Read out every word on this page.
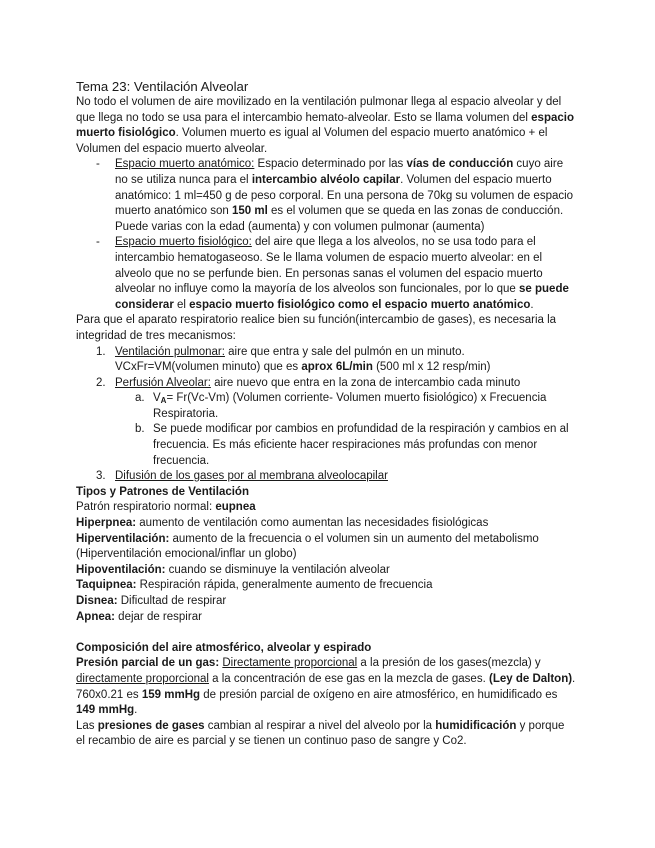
Tema 23: Ventilación Alveolar

No todo el volumen de aire movilizado en la ventilación pulmonar llega al espacio alveolar y del que llega no todo se usa para el intercambio hemato-alveolar. Esto se llama volumen del espacio muerto fisiológico. Volumen muerto es igual al Volumen del espacio muerto anatómico + el Volumen del espacio muerto alveolar.

- Espacio muerto anatómico: Espacio determinado por las vías de conducción cuyo aire no se utiliza nunca para el intercambio alvéolo capilar. Volumen del espacio muerto anatómico: 1 ml=450 g de peso corporal. En una persona de 70kg su volumen de espacio muerto anatómico son 150 ml es el volumen que se queda en las zonas de conducción. Puede varias con la edad (aumenta) y con volumen pulmonar (aumenta)
- Espacio muerto fisiológico: del aire que llega a los alveolos, no se usa todo para el intercambio hematogaseoso. Se le llama volumen de espacio muerto alveolar: en el alveolo que no se perfunde bien. En personas sanas el volumen del espacio muerto alveolar no influye como la mayoría de los alveolos son funcionales, por lo que se puede considerar el espacio muerto fisiológico como el espacio muerto anatómico.

Para que el aparato respiratorio realice bien su función(intercambio de gases), es necesaria la integridad de tres mecanismos:

1. Ventilación pulmonar: aire que entra y sale del pulmón en un minuto.
VCxFr=VM(volumen minuto) que es aprox 6L/min (500 ml x 12 resp/min)
2. Perfusión Alveolar: aire nuevo que entra en la zona de intercambio cada minuto
a. $V_A= Fr(Vc-Vm)$ (Volumen corriente- Volumen muerto fisiológico) x Frecuencia Respiratoria.
b. Se puede modificar por cambios en profundidad de la respiración y cambios en al frecuencia. Es más eficiente hacer respiraciones más profundas con menor frecuencia.
3. Difusión de los gases por al membrana alveolocapilar

Tipos y Patrones de Ventilación

Patrón respiratorio normal: eupnea

Hiperpnea: aumento de ventilación como aumentan las necesidades fisiológicas

Hiperventilación: aumento de la frecuencia o el volumen sin un aumento del metabolismo (Hiperventilación emocional/inflar un globo)

Hipoventilación: cuando se disminuye la ventilación alveolar

Taquipnea: Respiración rápida, generalmente aumento de frecuencia

Disnea: Dificultad de respirar

Apnea: dejar de respirar

Composición del aire atmosférico, alveolar y espirado

Presión parcial de un gas: Directamente proporcional a la presión de los gases(mezcla) y directamente proporcional a la concentración de ese gas en la mezcla de gases. (Ley de Dalton). 760x0.21 es 159 mmHg de presión parcial de oxígeno en aire atmosférico, en humidificado es 149 mmHg.

Las presiones de gases cambian al respirar a nivel del alveolo por la humidificación y porque el recambio de aire es parcial y se tienen un continuo paso de sangre y Co2.
